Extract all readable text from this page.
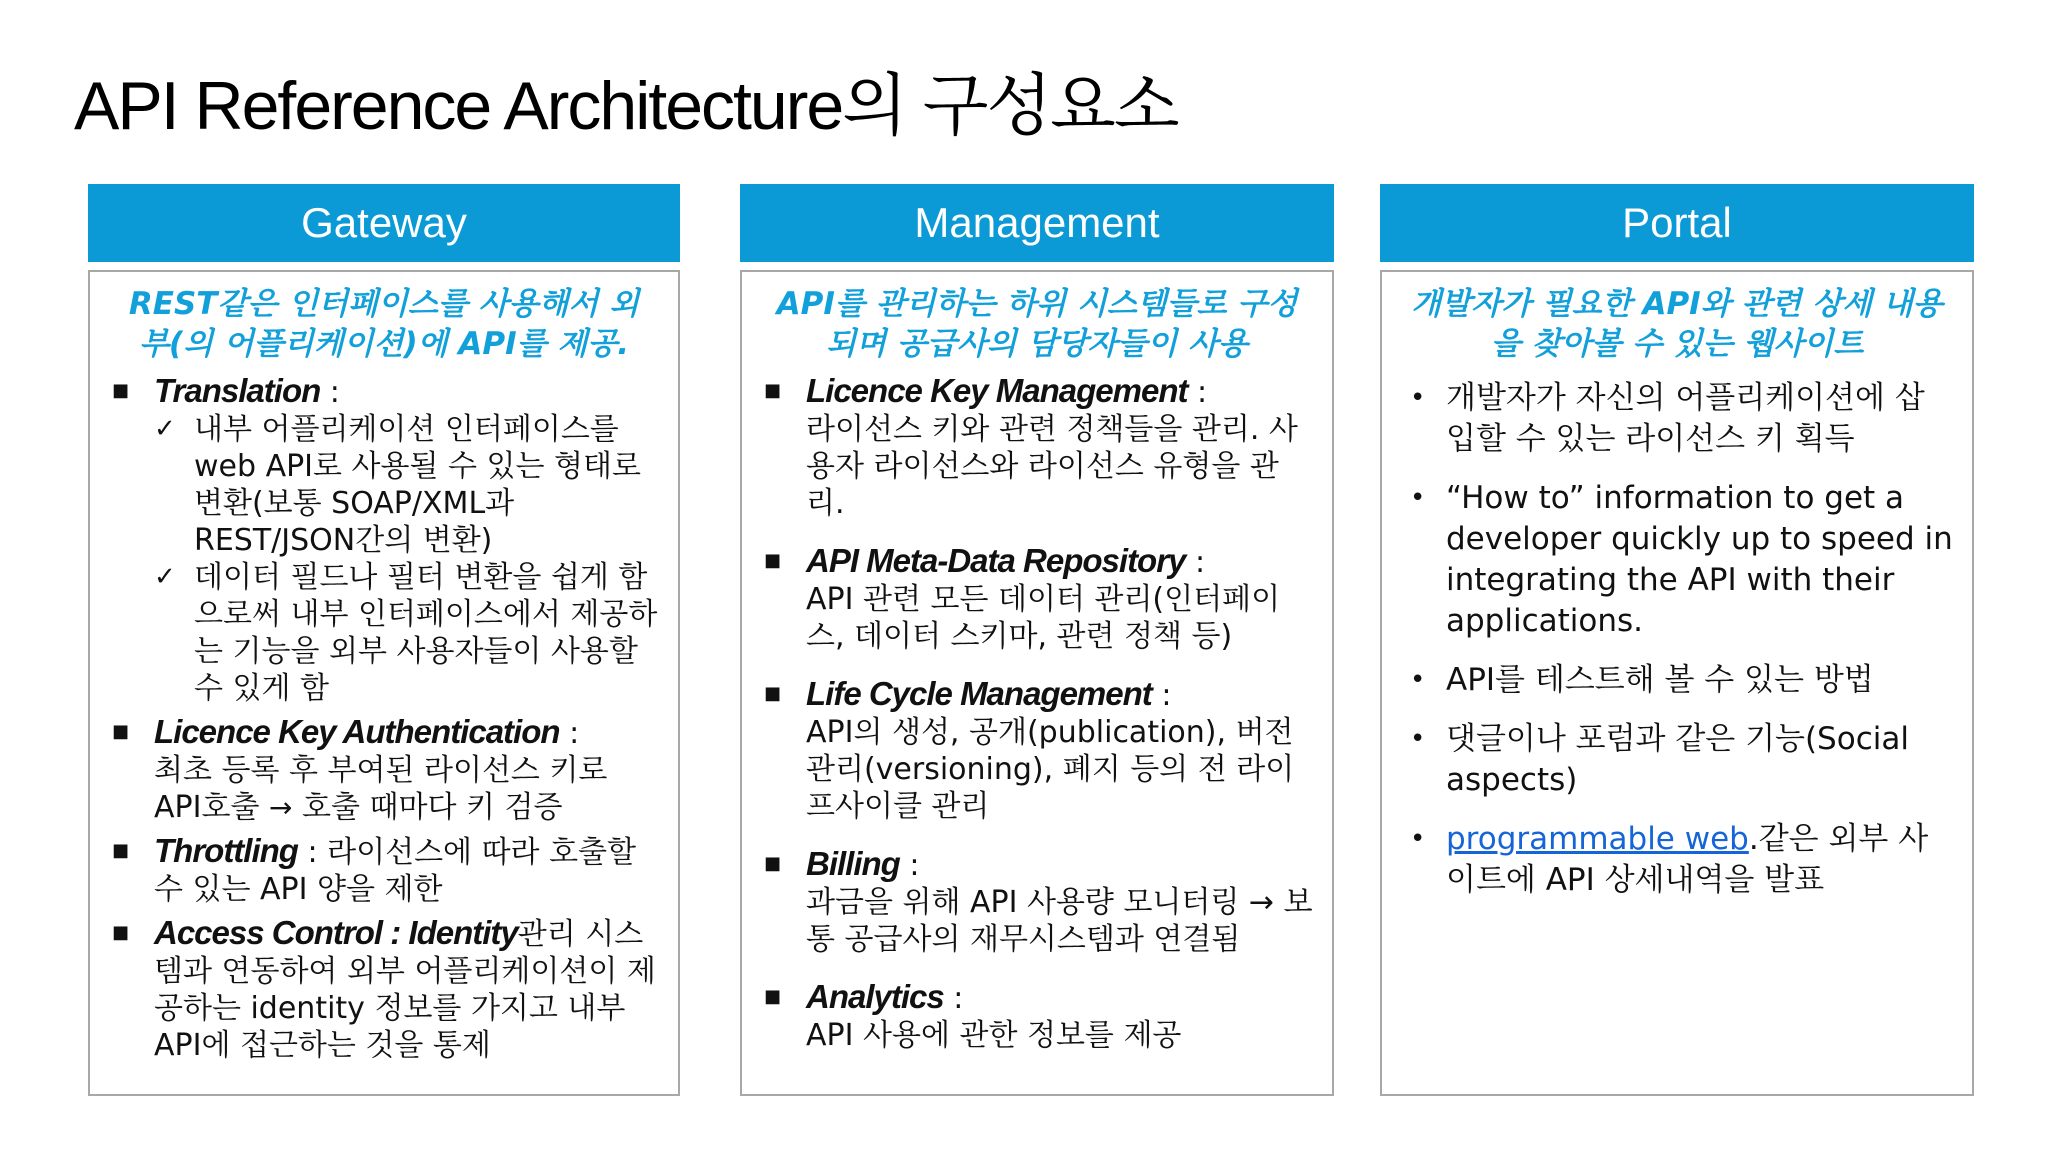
API Reference Architecture의 구성요소
Gateway
REST같은 인터페이스를 사용해서 외부(의 어플리케이션)에 API를 제공.
■ Translation :
✓ 내부 어플리케이션 인터페이스를 web API로 사용될 수 있는 형태로 변환(보통 SOAP/XML과 REST/JSON간의 변환)
✓ 데이터 필드나 필터 변환을 쉽게 함으로써 내부 인터페이스에서 제공하는 기능을 외부 사용자들이 사용할 수 있게 함
■ Licence Key Authentication :
최초 등록 후 부여된 라이선스 키로 API호출 → 호출 때마다 키 검증
■ Throttling : 라이선스에 따라 호출할 수 있는 API 양을 제한
■ Access Control : Identity관리 시스템과 연동하여 외부 어플리케이션이 제공하는 identity 정보를 가지고 내부 API에 접근하는 것을 통제
Management
API를 관리하는 하위 시스템들로 구성되며 공급사의 담당자들이 사용
■ Licence Key Management :
라이선스 키와 관련 정책들을 관리. 사용자 라이선스와 라이선스 유형을 관리.
■ API Meta-Data Repository :
API 관련 모든 데이터 관리(인터페이스, 데이터 스키마, 관련 정책 등)
■ Life Cycle Management :
API의 생성, 공개(publication), 버전 관리(versioning), 폐지 등의 전 라이프사이클 관리
■ Billing :
과금을 위해 API 사용량 모니터링 → 보통 공급사의 재무시스템과 연결됨
■ Analytics :
API 사용에 관한 정보를 제공
Portal
개발자가 필요한 API와 관련 상세 내용을 찾아볼 수 있는 웹사이트
• 개발자가 자신의 어플리케이션에 삽입할 수 있는 라이선스 키 획득
• “How to” information to get a developer quickly up to speed in integrating the API with their applications.
• API를 테스트해 볼 수 있는 방법
• 댓글이나 포럼과 같은 기능(Social aspects)
• programmable web.같은 외부 사이트에 API 상세내역을 발표
